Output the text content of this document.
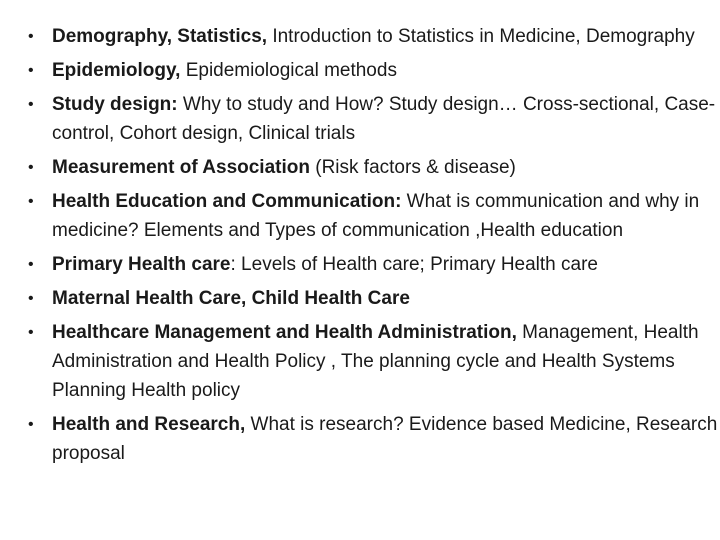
• Demography, Statistics, Introduction to Statistics in Medicine, Demography
• Epidemiology, Epidemiological methods
• Study design: Why to study and How? Study design… Cross-sectional, Case-control, Cohort design, Clinical trials
• Measurement of Association (Risk factors & disease)
• Health Education and Communication: What is communication and why in medicine? Elements and Types of communication ,Health education
• Primary Health care: Levels of Health care; Primary Health care
• Maternal Health Care, Child Health Care
• Healthcare Management and Health Administration, Management, Health Administration and Health Policy , The planning cycle and Health Systems Planning Health policy
• Health and Research, What is research? Evidence based Medicine, Research proposal
